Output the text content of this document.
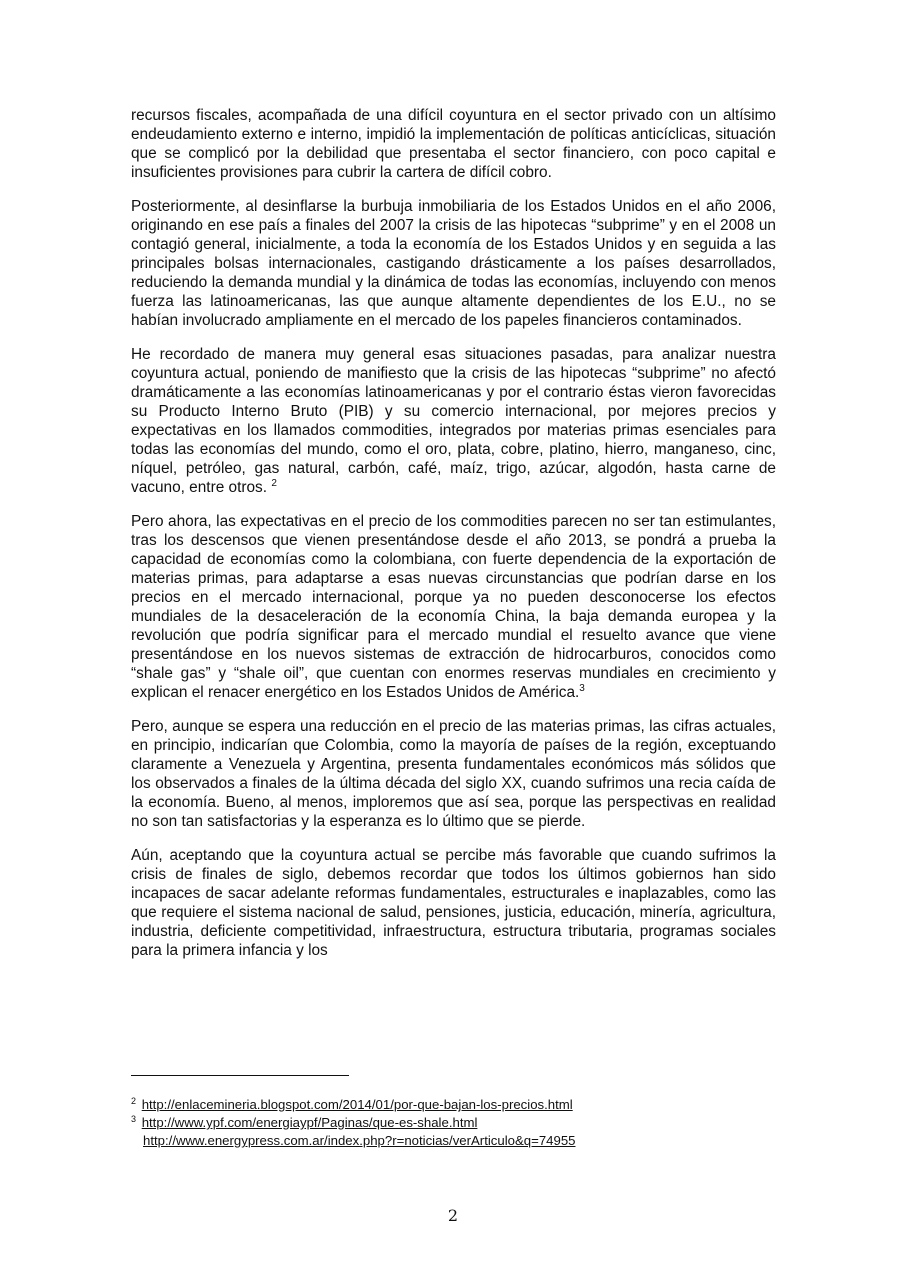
recursos fiscales, acompañada de una difícil coyuntura en el sector privado con un altísimo endeudamiento externo e interno, impidió la implementación de políticas anticíclicas, situación que se complicó por la debilidad que presentaba el sector financiero, con poco capital e insuficientes provisiones para cubrir la cartera de difícil cobro.

Posteriormente, al desinflarse la burbuja inmobiliaria de los Estados Unidos en el año 2006, originando en ese país a finales del 2007 la crisis de las hipotecas “subprime” y en el 2008 un contagió general, inicialmente, a toda la economía de los Estados Unidos y en seguida a las principales bolsas internacionales, castigando drásticamente a los países desarrollados, reduciendo la demanda mundial y la dinámica de todas las economías, incluyendo con menos fuerza las latinoamericanas, las que aunque altamente dependientes de los E.U., no se habían involucrado ampliamente en el mercado de los papeles financieros contaminados.

He recordado de manera muy general esas situaciones pasadas, para analizar nuestra coyuntura actual, poniendo de manifiesto que la crisis de las hipotecas “subprime” no afectó dramáticamente a las economías latinoamericanas y por el contrario éstas vieron favorecidas su Producto Interno Bruto (PIB) y su comercio internacional, por mejores precios y expectativas en los llamados commodities, integrados por materias primas esenciales para todas las economías del mundo, como el oro, plata, cobre, platino, hierro, manganeso, cinc, níquel, petróleo, gas natural, carbón, café, maíz, trigo, azúcar, algodón, hasta carne de vacuno, entre otros. $^2$

Pero ahora, las expectativas en el precio de los commodities parecen no ser tan estimulantes, tras los descensos que vienen presentándose desde el año 2013, se pondrá a prueba la capacidad de economías como la colombiana, con fuerte dependencia de la exportación de materias primas, para adaptarse a esas nuevas circunstancias que podrían darse en los precios en el mercado internacional, porque ya no pueden desconocerse los efectos mundiales de la desaceleración de la economía China, la baja demanda europea y la revolución que podría significar para el mercado mundial el resuelto avance que viene presentándose en los nuevos sistemas de extracción de hidrocarburos, conocidos como “shale gas” y “shale oil”, que cuentan con enormes reservas mundiales en crecimiento y explican el renacer energético en los Estados Unidos de América.$^3$

Pero, aunque se espera una reducción en el precio de las materias primas, las cifras actuales, en principio, indicarían que Colombia, como la mayoría de países de la región, exceptuando claramente a Venezuela y Argentina, presenta fundamentales económicos más sólidos que los observados a finales de la última década del siglo XX, cuando sufrimos una recia caída de la economía. Bueno, al menos, imploremos que así sea, porque las perspectivas en realidad no son tan satisfactorias y la esperanza es lo último que se pierde.

Aún, aceptando que la coyuntura actual se percibe más favorable que cuando sufrimos la crisis de finales de siglo, debemos recordar que todos los últimos gobiernos han sido incapaces de sacar adelante reformas fundamentales, estructurales e inaplazables, como las que requiere el sistema nacional de salud, pensiones, justicia, educación, minería, agricultura, industria, deficiente competitividad, infraestructura, estructura tributaria, programas sociales para la primera infancia y los

$^2$ http://enlacemineria.blogspot.com/2014/01/por-que-bajan-los-precios.html
$^3$ http://www.ypf.com/energiaypf/Paginas/que-es-shale.html
http://www.energypress.com.ar/index.php?r=noticias/verArticulo&q=74955
2
